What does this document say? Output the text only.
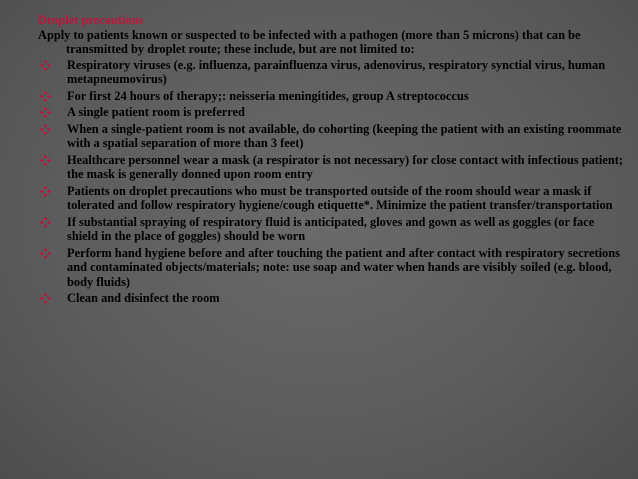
Droplet precautions
Apply to patients known or suspected to be infected with a pathogen (more than 5 microns) that can be transmitted by droplet route; these include, but are not limited to:
Respiratory viruses (e.g. influenza, parainfluenza virus, adenovirus, respiratory synctial virus, human metapneumovirus)
For first 24 hours of therapy;: neisseria meningitides, group A streptococcus
A single patient room is preferred
When a single-patient room is not available, do cohorting (keeping the patient with an existing roommate with a spatial separation of more than 3 feet)
Healthcare personnel wear a mask (a respirator is not necessary) for close contact with infectious patient; the mask is generally donned upon room entry
Patients on droplet precautions who must be transported outside of the room should wear a mask if tolerated and follow respiratory hygiene/cough etiquette*. Minimize the patient transfer/transportation
If substantial spraying of respiratory fluid is anticipated, gloves and gown as well as goggles (or face shield in the place of goggles) should be worn
Perform hand hygiene before and after touching the patient and after contact with respiratory secretions and contaminated objects/materials; note: use soap and water when hands are visibly soiled (e.g. blood, body fluids)
Clean and disinfect the room
